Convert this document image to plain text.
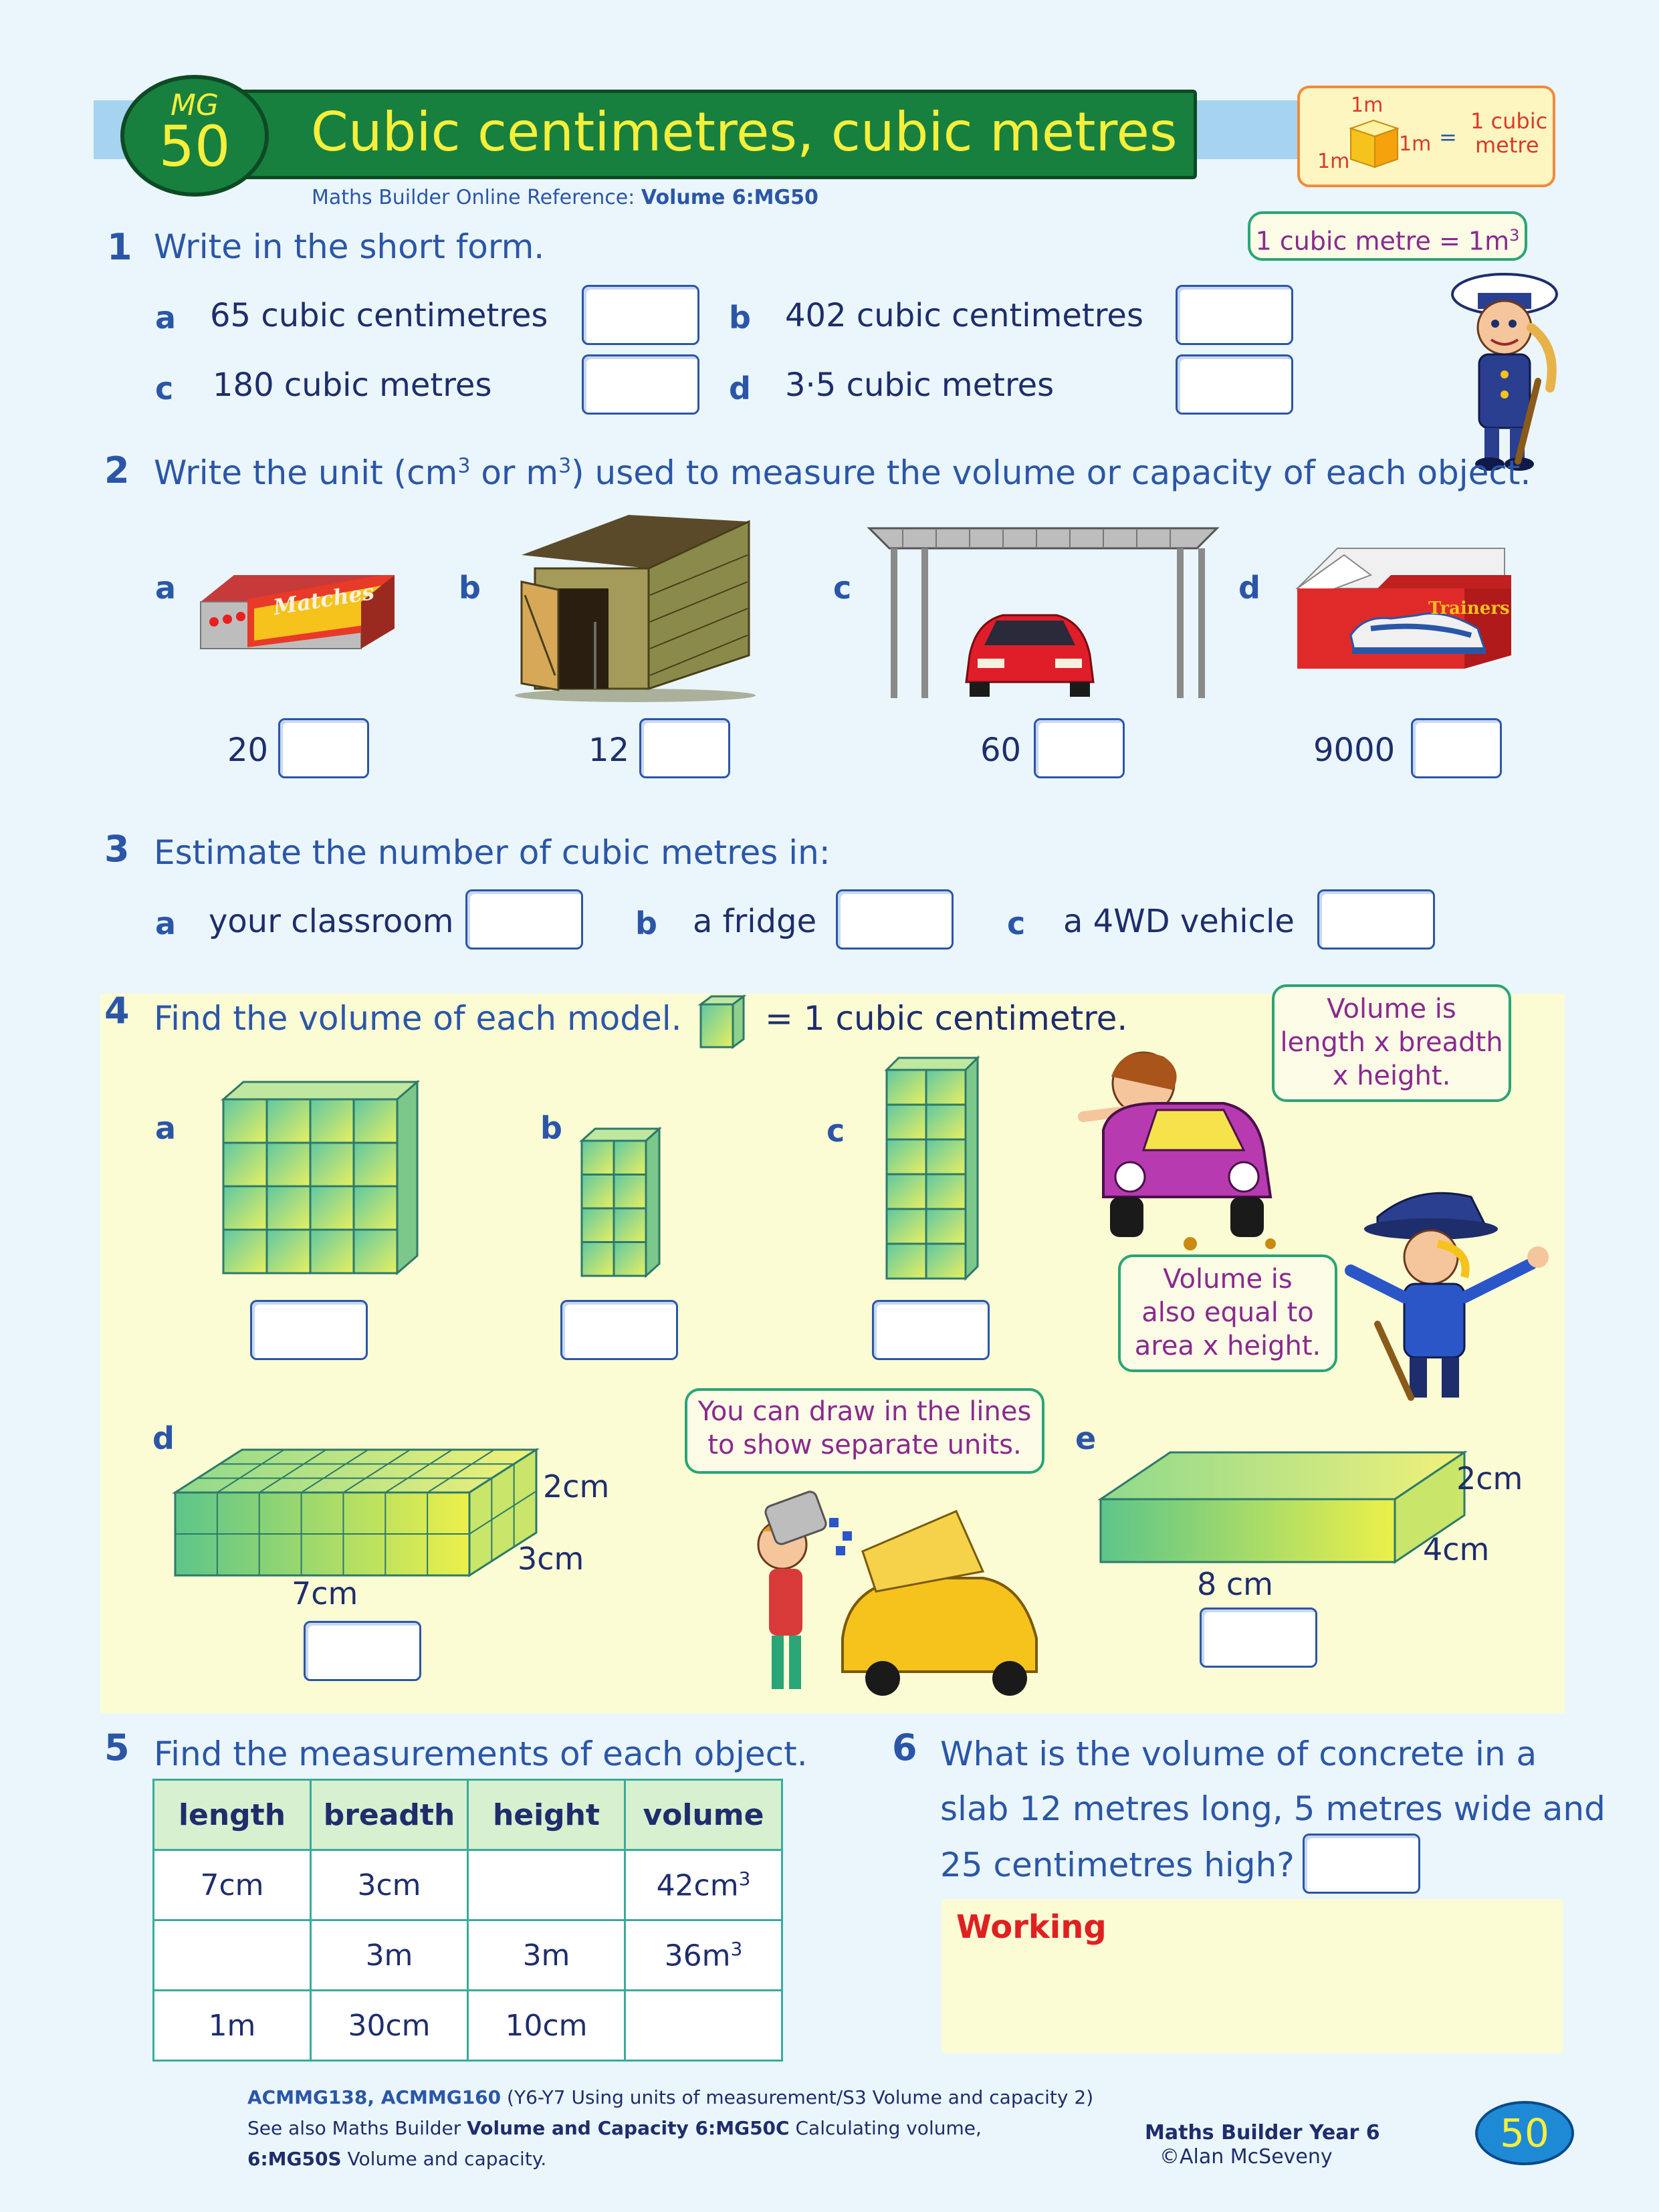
Cubic centimetres, cubic metres
MG
50
Maths Builder Online Reference: Volume 6:MG50
1m
1m
1m
=
1 cubic
metre
1 Write in the short form.
a 65 cubic centimetres	b 402 cubic centimetres
c 180 cubic metres	d 3·5 cubic metres
1 cubic metre = $1m^3$
2 Write the unit ($cm^3$ or $m^3$) used to measure the volume or capacity of each object.
a	b	c	d
Matches	Trainers
20	12	60	9000
3 Estimate the number of cubic metres in:
a your classroom	b a fridge	c a 4WD vehicle
4 Find the volume of each model. = 1 cubic centimetre.
a	b	c
d	e
2cm
3cm
7cm
2cm
4cm
8 cm
Volume is
length x breadth
x height.
Volume is
also equal to
area x height.
You can draw in the lines
to show separate units.
5 Find the measurements of each object.
length	breadth	height	volume
7cm	3cm		$42cm^3$
	3m	3m	$36m^3$
1m	30cm	10cm	
6 What is the volume of concrete in a
slab 12 metres long, 5 metres wide and
25 centimetres high?
Working
ACMMG138, ACMMG160 (Y6-Y7 Using units of measurement/S3 Volume and capacity 2)
See also Maths Builder Volume and Capacity 6:MG50C Calculating volume,
6:MG50S Volume and capacity.
Maths Builder Year 6
©Alan McSeveny
50
